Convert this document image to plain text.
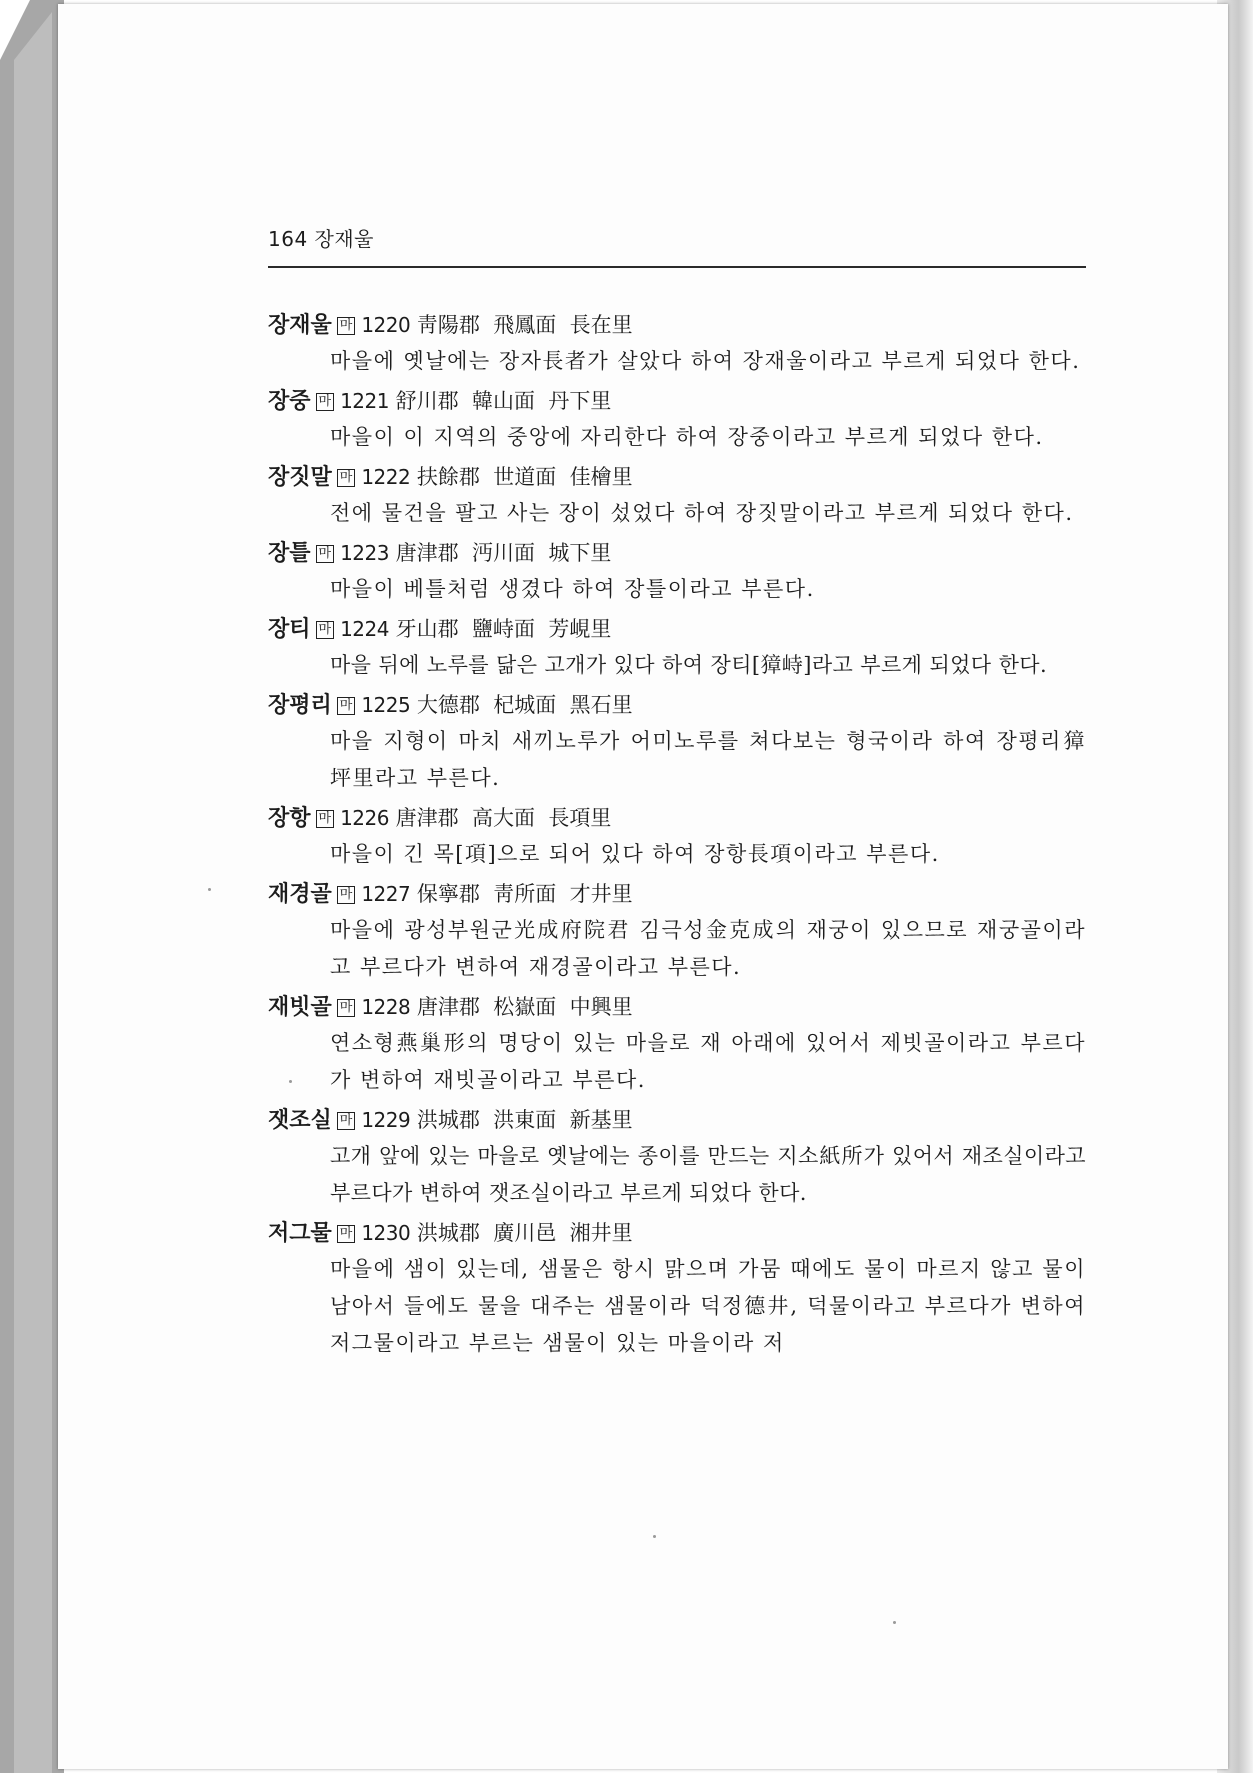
164 장재울
장재울 마 1220 靑陽郡  飛鳳面  長在里
마을에 옛날에는 장자長者가 살았다 하여 장재울이라고 부르게 되었다 한다.
장중 마 1221 舒川郡  韓山面  丹下里
마을이 이 지역의 중앙에 자리한다 하여 장중이라고 부르게 되었다 한다.
장짓말 마 1222 扶餘郡  世道面  佳檜里
전에 물건을 팔고 사는 장이 섰었다 하여 장짓말이라고 부르게 되었다 한다.
장틀 마 1223 唐津郡  沔川面  城下里
마을이 베틀처럼 생겼다 하여 장틀이라고 부른다.
장티 마 1224 牙山郡  鹽峙面  芳峴里
마을 뒤에 노루를 닮은 고개가 있다 하여 장티[獐峙]라고 부르게 되었다 한다.
장평리 마 1225 大德郡  杞城面  黑石里
마을 지형이 마치 새끼노루가 어미노루를 쳐다보는 형국이라 하여 장평리獐坪里라고 부른다.
장항 마 1226 唐津郡  高大面  長項里
마을이 긴 목[項]으로 되어 있다 하여 장항長項이라고 부른다.
재경골 마 1227 保寧郡  靑所面  才井里
마을에 광성부원군光成府院君 김극성金克成의 재궁이 있으므로 재궁골이라고 부르다가 변하여 재경골이라고 부른다.
재빗골 마 1228 唐津郡  松嶽面  中興里
연소형燕巢形의 명당이 있는 마을로 재 아래에 있어서 제빗골이라고 부르다가 변하여 재빗골이라고 부른다.
잿조실 마 1229 洪城郡  洪東面  新基里
고개 앞에 있는 마을로 옛날에는 종이를 만드는 지소紙所가 있어서 재조실이라고 부르다가 변하여 잿조실이라고 부르게 되었다 한다.
저그물 마 1230 洪城郡  廣川邑  湘井里
마을에 샘이 있는데, 샘물은 항시 맑으며 가뭄 때에도 물이 마르지 않고 물이 남아서 들에도 물을 대주는 샘물이라 덕정德井, 덕물이라고 부르다가 변하여 저그물이라고 부르는 샘물이 있는 마을이라 저
